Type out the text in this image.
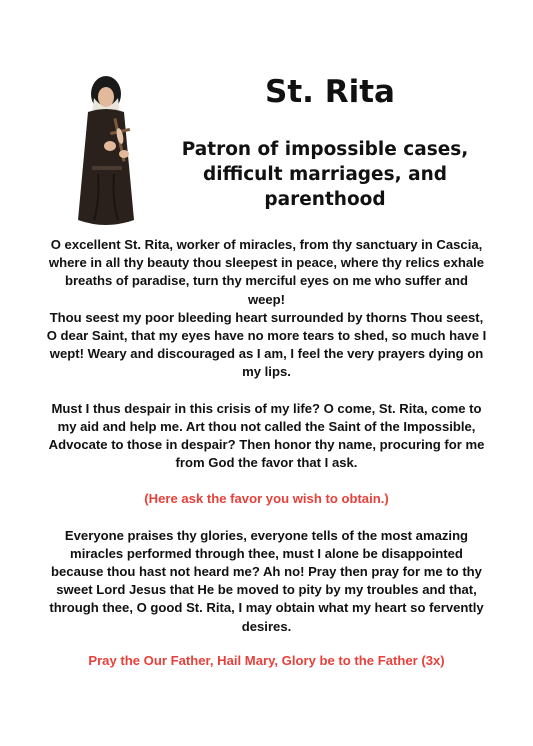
St. Rita
Patron of impossible cases, difficult marriages, and parenthood

O excellent St. Rita, worker of miracles, from thy sanctuary in Cascia, where in all thy beauty thou sleepest in peace, where thy relics exhale breaths of paradise, turn thy merciful eyes on me who suffer and weep!

Thou seest my poor bleeding heart surrounded by thorns Thou seest, O dear Saint, that my eyes have no more tears to shed, so much have I wept! Weary and discouraged as I am, I feel the very prayers dying on my lips.

Must I thus despair in this crisis of my life? O come, St. Rita, come to my aid and help me. Art thou not called the Saint of the Impossible, Advocate to those in despair? Then honor thy name, procuring for me from God the favor that I ask.

(Here ask the favor you wish to obtain.)

Everyone praises thy glories, everyone tells of the most amazing miracles performed through thee, must I alone be disappointed because thou hast not heard me? Ah no! Pray then pray for me to thy sweet Lord Jesus that He be moved to pity by my troubles and that, through thee, O good St. Rita, I may obtain what my heart so fervently desires.

Pray the Our Father, Hail Mary, Glory be to the Father (3x)
